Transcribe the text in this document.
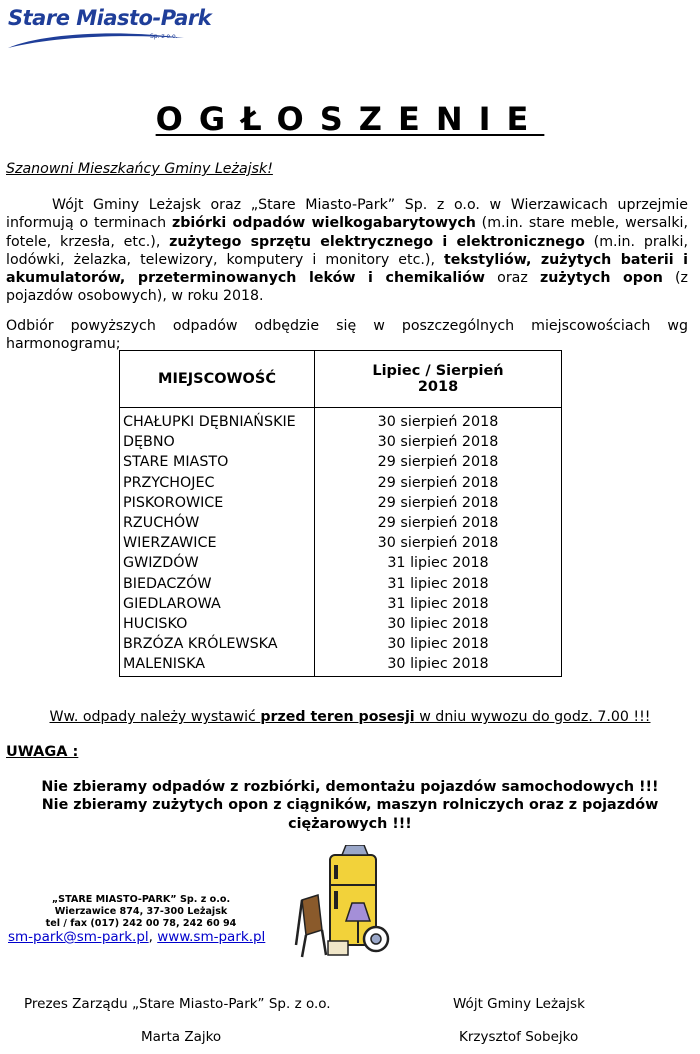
Stare Miasto-Park
Sp. z o.o.
OGŁOSZENIE
Szanowni Mieszkańcy Gminy Leżajsk!
Wójt Gminy Leżajsk oraz „Stare Miasto-Park” Sp. z o.o. w Wierzawicach uprzejmie informują o terminach zbiórki odpadów wielkogabarytowych (m.in. stare meble, wersalki, fotele, krzesła, etc.), zużytego sprzętu elektrycznego i elektronicznego (m.in. pralki, lodówki, żelazka, telewizory, komputery i monitory etc.), tekstyliów, zużytych baterii i akumulatorów, przeterminowanych leków i chemikaliów oraz zużytych opon (z pojazdów osobowych), w roku 2018.
Odbiór powyższych odpadów odbędzie się w poszczególnych miejscowościach wg harmonogramu;
MIEJSCOWOŚĆ	Lipiec / Sierpień
2018

CHAŁUPKI DĘBNIAŃSKIE	30 sierpień 2018
DĘBNO	30 sierpień 2018
STARE MIASTO	29 sierpień 2018
PRZYCHOJEC	29 sierpień 2018
PISKOROWICE	29 sierpień 2018
RZUCHÓW	29 sierpień 2018
WIERZAWICE	30 sierpień 2018
GWIZDÓW	31 lipiec 2018
BIEDACZÓW	31 lipiec 2018
GIEDLAROWA	31 lipiec 2018
HUCISKO	30 lipiec 2018
BRZÓZA KRÓLEWSKA	30 lipiec 2018
MALENISKA	30 lipiec 2018
Ww. odpady należy wystawić przed teren posesji w dniu wywozu do godz. 7.00 !!!
UWAGA :
Nie zbieramy odpadów z rozbiórki, demontażu pojazdów samochodowych !!!
Nie zbieramy zużytych opon z ciągników, maszyn rolniczych oraz z pojazdów
ciężarowych !!!
„STARE MIASTO-PARK” Sp. z o.o.
Wierzawice 874, 37-300 Leżajsk
tel / fax (017) 242 00 78, 242 60 94
sm-park@sm-park.pl, www.sm-park.pl
Prezes Zarządu „Stare Miasto-Park” Sp. z o.o.
Marta Zajko
Wójt Gminy Leżajsk
Krzysztof Sobejko
